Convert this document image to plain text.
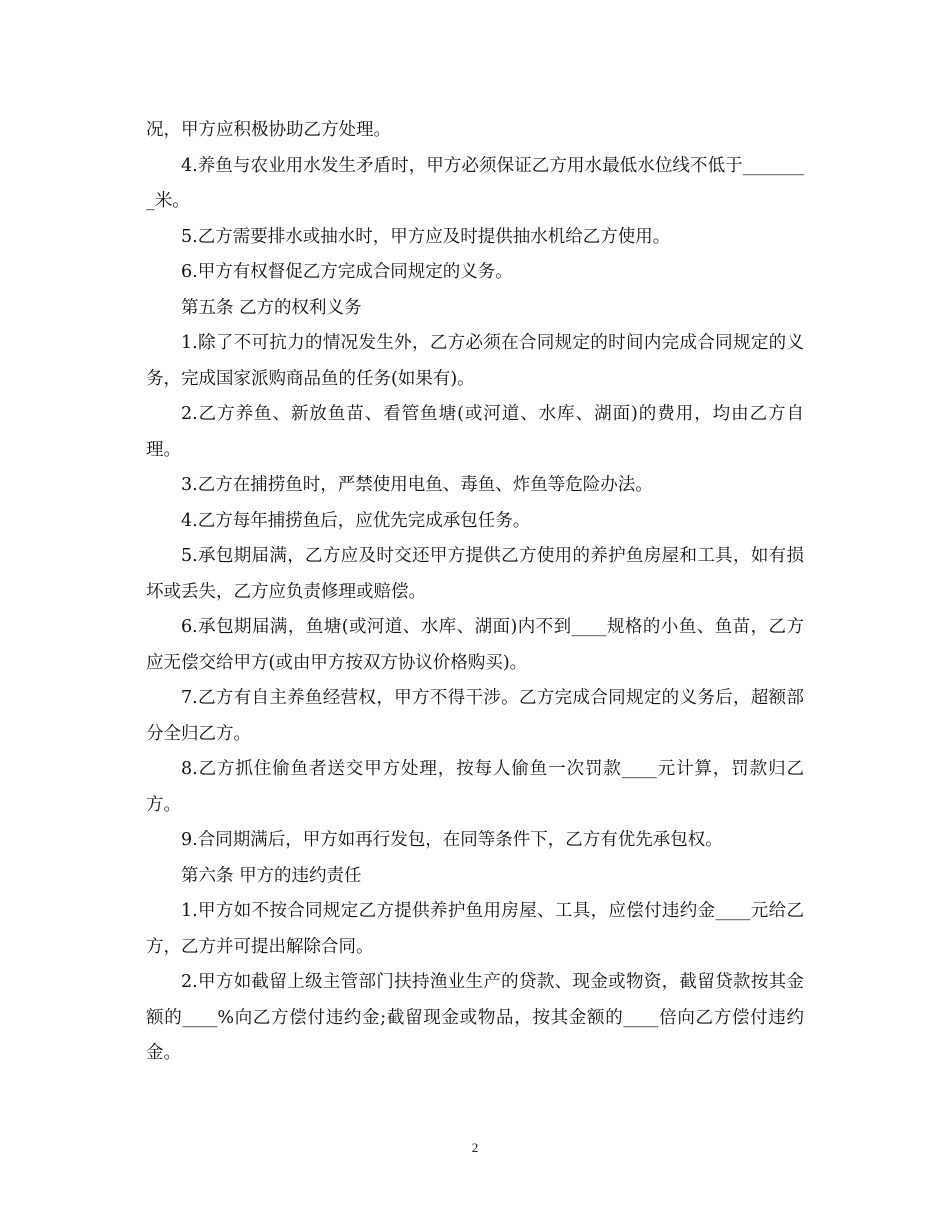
况，甲方应积极协助乙方处理。

4.养鱼与农业用水发生矛盾时，甲方必须保证乙方用水最低水位线不低于________米。

5.乙方需要排水或抽水时，甲方应及时提供抽水机给乙方使用。

6.甲方有权督促乙方完成合同规定的义务。

第五条 乙方的权利义务

1.除了不可抗力的情况发生外，乙方必须在合同规定的时间内完成合同规定的义务，完成国家派购商品鱼的任务(如果有)。

2.乙方养鱼、新放鱼苗、看管鱼塘(或河道、水库、湖面)的费用，均由乙方自理。

3.乙方在捕捞鱼时，严禁使用电鱼、毒鱼、炸鱼等危险办法。

4.乙方每年捕捞鱼后，应优先完成承包任务。

5.承包期届满，乙方应及时交还甲方提供乙方使用的养护鱼房屋和工具，如有损坏或丢失，乙方应负责修理或赔偿。

6.承包期届满，鱼塘(或河道、水库、湖面)内不到____规格的小鱼、鱼苗，乙方应无偿交给甲方(或由甲方按双方协议价格购买)。

7.乙方有自主养鱼经营权，甲方不得干涉。乙方完成合同规定的义务后，超额部分全归乙方。

8.乙方抓住偷鱼者送交甲方处理，按每人偷鱼一次罚款____元计算，罚款归乙方。

9.合同期满后，甲方如再行发包，在同等条件下，乙方有优先承包权。

第六条 甲方的违约责任

1.甲方如不按合同规定乙方提供养护鱼用房屋、工具，应偿付违约金____元给乙方，乙方并可提出解除合同。

2.甲方如截留上级主管部门扶持渔业生产的贷款、现金或物资，截留贷款按其金额的____%向乙方偿付违约金;截留现金或物品，按其金额的____倍向乙方偿付违约金。

2
